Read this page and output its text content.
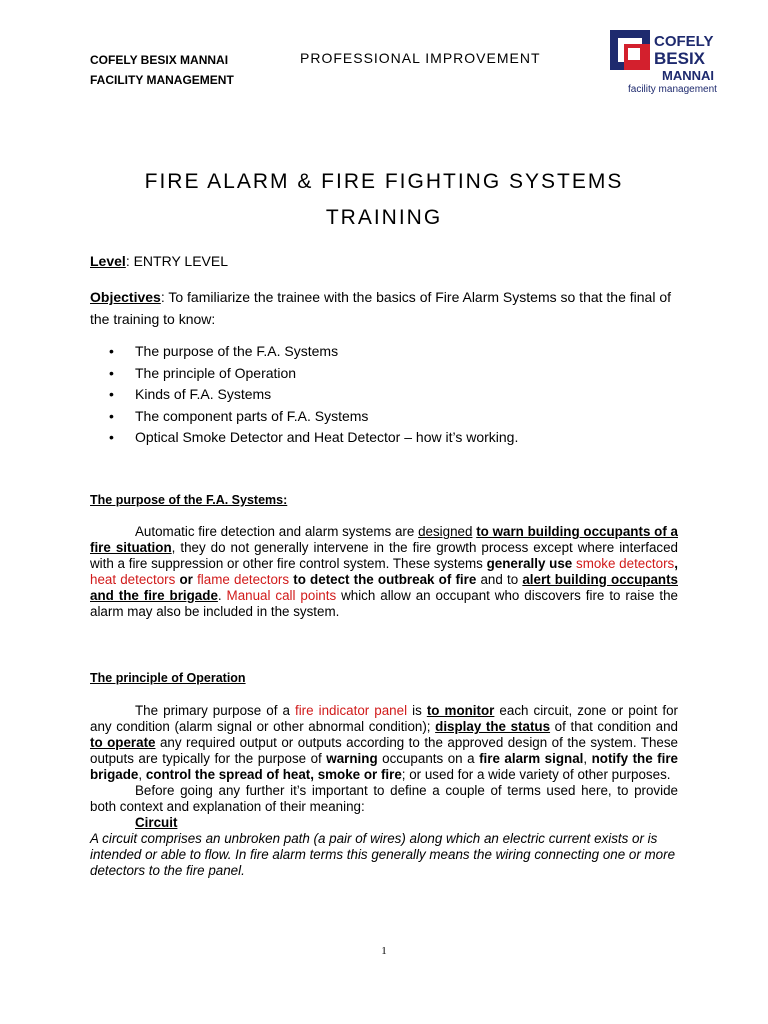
COFELY BESIX MANNAI
FACILITY MANAGEMENT
PROFESSIONAL IMPROVEMENT
COFELY
BESIX
MANNAI
facility management
FIRE ALARM & FIRE FIGHTING SYSTEMS
TRAINING
Level: ENTRY LEVEL
Objectives: To familiarize the trainee with the basics of Fire Alarm Systems so that the final of the training to know:
• The purpose of the F.A. Systems
• The principle of Operation
• Kinds of F.A. Systems
• The component parts of F.A. Systems
• Optical Smoke Detector and Heat Detector – how it’s working.
The purpose of the F.A. Systems:

Automatic fire detection and alarm systems are designed to warn building occupants of a fire situation, they do not generally intervene in the fire growth process except where interfaced with a fire suppression or other fire control system. These systems generally use smoke detectors, heat detectors or flame detectors to detect the outbreak of fire and to alert building occupants and the fire brigade. Manual call points which allow an occupant who discovers fire to raise the alarm may also be included in the system.

The principle of Operation

The primary purpose of a fire indicator panel is to monitor each circuit, zone or point for any condition (alarm signal or other abnormal condition); display the status of that condition and to operate any required output or outputs according to the approved design of the system. These outputs are typically for the purpose of warning occupants on a fire alarm signal, notify the fire brigade, control the spread of heat, smoke or fire; or used for a wide variety of other purposes.

Before going any further it’s important to define a couple of terms used here, to provide both context and explanation of their meaning:

Circuit

A circuit comprises an unbroken path (a pair of wires) along which an electric current exists or is intended or able to flow. In fire alarm terms this generally means the wiring connecting one or more detectors to the fire panel.

1
